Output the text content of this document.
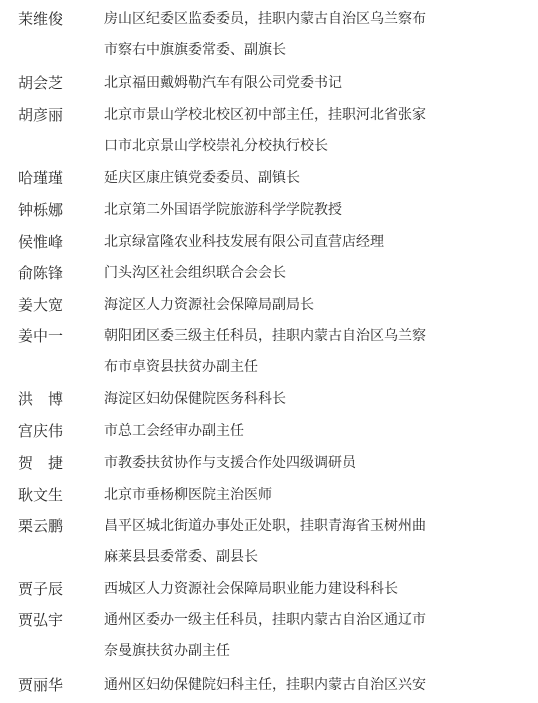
茉维俊	房山区纪委区监委委员，挂职内蒙古自治区乌兰察布
市察右中旗旗委常委、副旗长
胡会芝	北京福田戴姆勒汽车有限公司党委书记
胡彦丽	北京市景山学校北校区初中部主任，挂职河北省张家
口市北京景山学校崇礼分校执行校长
哈瑾瑾	延庆区康庄镇党委委员、副镇长
钟栎娜	北京第二外国语学院旅游科学学院教授
侯惟峰	北京绿富隆农业科技发展有限公司直营店经理
俞陈锋	门头沟区社会组织联合会会长
姜大宽	海淀区人力资源社会保障局副局长
姜中一	朝阳团区委三级主任科员，挂职内蒙古自治区乌兰察
布市卓资县扶贫办副主任
洪　博	海淀区妇幼保健院医务科科长
宫庆伟	市总工会经审办副主任
贺　捷	市教委扶贫协作与支援合作处四级调研员
耿文生	北京市垂杨柳医院主治医师
栗云鹏	昌平区城北街道办事处正处职，挂职青海省玉树州曲
麻莱县县委常委、副县长
贾子辰	西城区人力资源社会保障局职业能力建设科科长
贾弘宇	通州区委办一级主任科员，挂职内蒙古自治区通辽市
奈曼旗扶贫办副主任
贾丽华	通州区妇幼保健院妇科主任，挂职内蒙古自治区兴安
